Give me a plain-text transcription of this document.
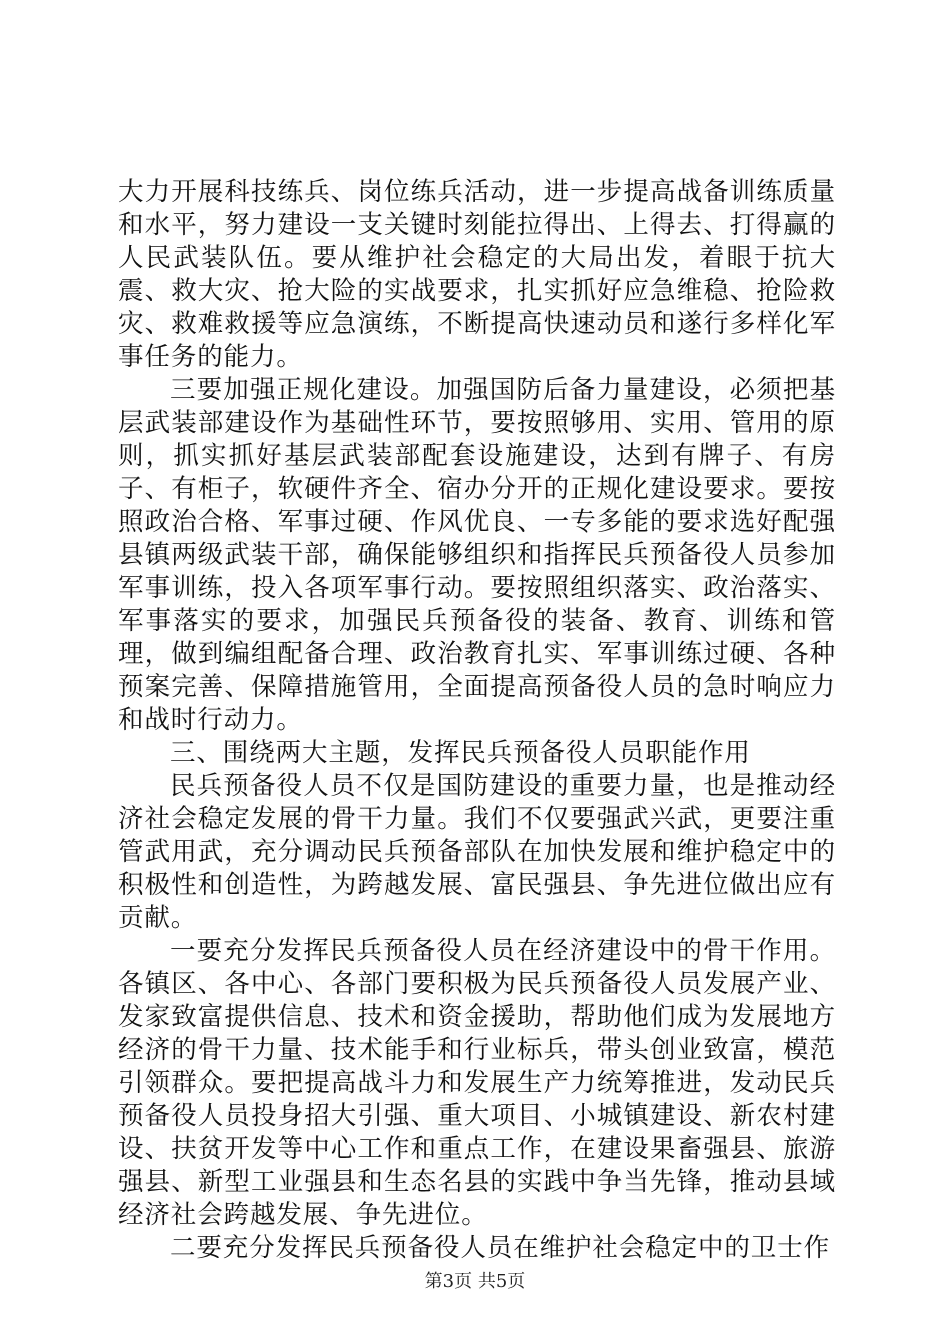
大力开展科技练兵、岗位练兵活动，进一步提高战备训练质量和水平，努力建设一支关键时刻能拉得出、上得去、打得赢的人民武装队伍。要从维护社会稳定的大局出发，着眼于抗大震、救大灾、抢大险的实战要求，扎实抓好应急维稳、抢险救灾、救难救援等应急演练，不断提高快速动员和遂行多样化军事任务的能力。

三要加强正规化建设。加强国防后备力量建设，必须把基层武装部建设作为基础性环节，要按照够用、实用、管用的原则，抓实抓好基层武装部配套设施建设，达到有牌子、有房子、有柜子，软硬件齐全、宿办分开的正规化建设要求。要按照政治合格、军事过硬、作风优良、一专多能的要求选好配强县镇两级武装干部，确保能够组织和指挥民兵预备役人员参加军事训练，投入各项军事行动。要按照组织落实、政治落实、军事落实的要求，加强民兵预备役的装备、教育、训练和管理，做到编组配备合理、政治教育扎实、军事训练过硬、各种预案完善、保障措施管用，全面提高预备役人员的急时响应力和战时行动力。

三、围绕两大主题，发挥民兵预备役人员职能作用

民兵预备役人员不仅是国防建设的重要力量，也是推动经济社会稳定发展的骨干力量。我们不仅要强武兴武，更要注重管武用武，充分调动民兵预备部队在加快发展和维护稳定中的积极性和创造性，为跨越发展、富民强县、争先进位做出应有贡献。

一要充分发挥民兵预备役人员在经济建设中的骨干作用。各镇区、各中心、各部门要积极为民兵预备役人员发展产业、发家致富提供信息、技术和资金援助，帮助他们成为发展地方经济的骨干力量、技术能手和行业标兵，带头创业致富，模范引领群众。要把提高战斗力和发展生产力统筹推进，发动民兵预备役人员投身招大引强、重大项目、小城镇建设、新农村建设、扶贫开发等中心工作和重点工作，在建设果畜强县、旅游强县、新型工业强县和生态名县的实践中争当先锋，推动县域经济社会跨越发展、争先进位。

二要充分发挥民兵预备役人员在维护社会稳定中的卫士作

第3页 共5页
